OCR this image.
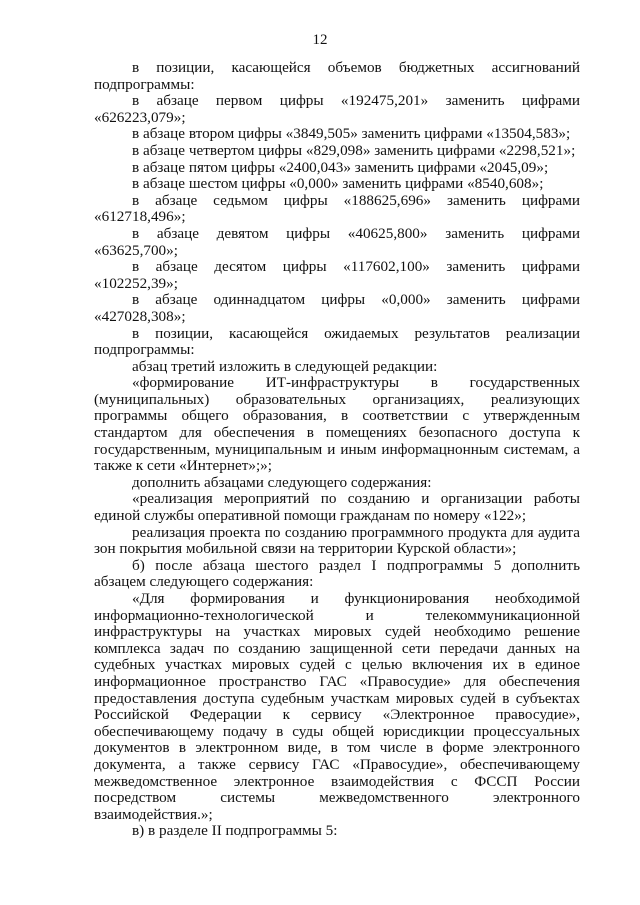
12

в позиции, касающейся объемов бюджетных ассигнований подпрограммы:

в абзаце первом цифры «192475,201» заменить цифрами «626223,079»;

в абзаце втором цифры «3849,505» заменить цифрами «13504,583»;

в абзаце четвертом цифры «829,098» заменить цифрами «2298,521»;

в абзаце пятом цифры «2400,043» заменить цифрами «2045,09»;

в абзаце шестом цифры «0,000» заменить цифрами «8540,608»;

в абзаце седьмом цифры «188625,696» заменить цифрами «612718,496»;

в абзаце девятом цифры «40625,800» заменить цифрами «63625,700»;

в абзаце десятом цифры «117602,100» заменить цифрами «102252,39»;

в абзаце одиннадцатом цифры «0,000» заменить цифрами «427028,308»;

в позиции, касающейся ожидаемых результатов реализации подпрограммы:

абзац третий изложить в следующей редакции:

«формирование ИТ-инфраструктуры в государственных (муниципальных) образовательных организациях, реализующих программы общего образования, в соответствии с утвержденным стандартом для обеспечения в помещениях безопасного доступа к государственным, муниципальным и иным информацнонным системам, а также к сети «Интернет»;»;

дополнить абзацами следующего содержания:

«реализация мероприятий по созданию и организации работы единой службы оперативной помощи гражданам по номеру «122»;

реализация проекта по созданию программного продукта для аудита зон покрытия мобильной связи на территории Курской области»;

б) после абзаца шестого раздел I подпрограммы 5 дополнить абзацем следующего содержания:

«Для формирования и функционирования необходимой информационно-технологической и телекоммуникационной инфраструктуры на участках мировых судей необходимо решение комплекса задач по созданию защищенной сети передачи данных на судебных участках мировых судей с целью включения их в единое информационное пространство ГАС «Правосудие» для обеспечения предоставления доступа судебным участкам мировых судей в субъектах Российской Федерации к сервису «Электронное правосудие», обеспечивающему подачу в суды общей юрисдикции процессуальных документов в электронном виде, в том числе в форме электронного документа, а также сервису ГАС «Правосудие», обеспечивающему межведомственное электронное взаимодействия с ФССП России посредством системы межведомственного электронного взаимодействия.»;

в) в разделе II подпрограммы 5:
